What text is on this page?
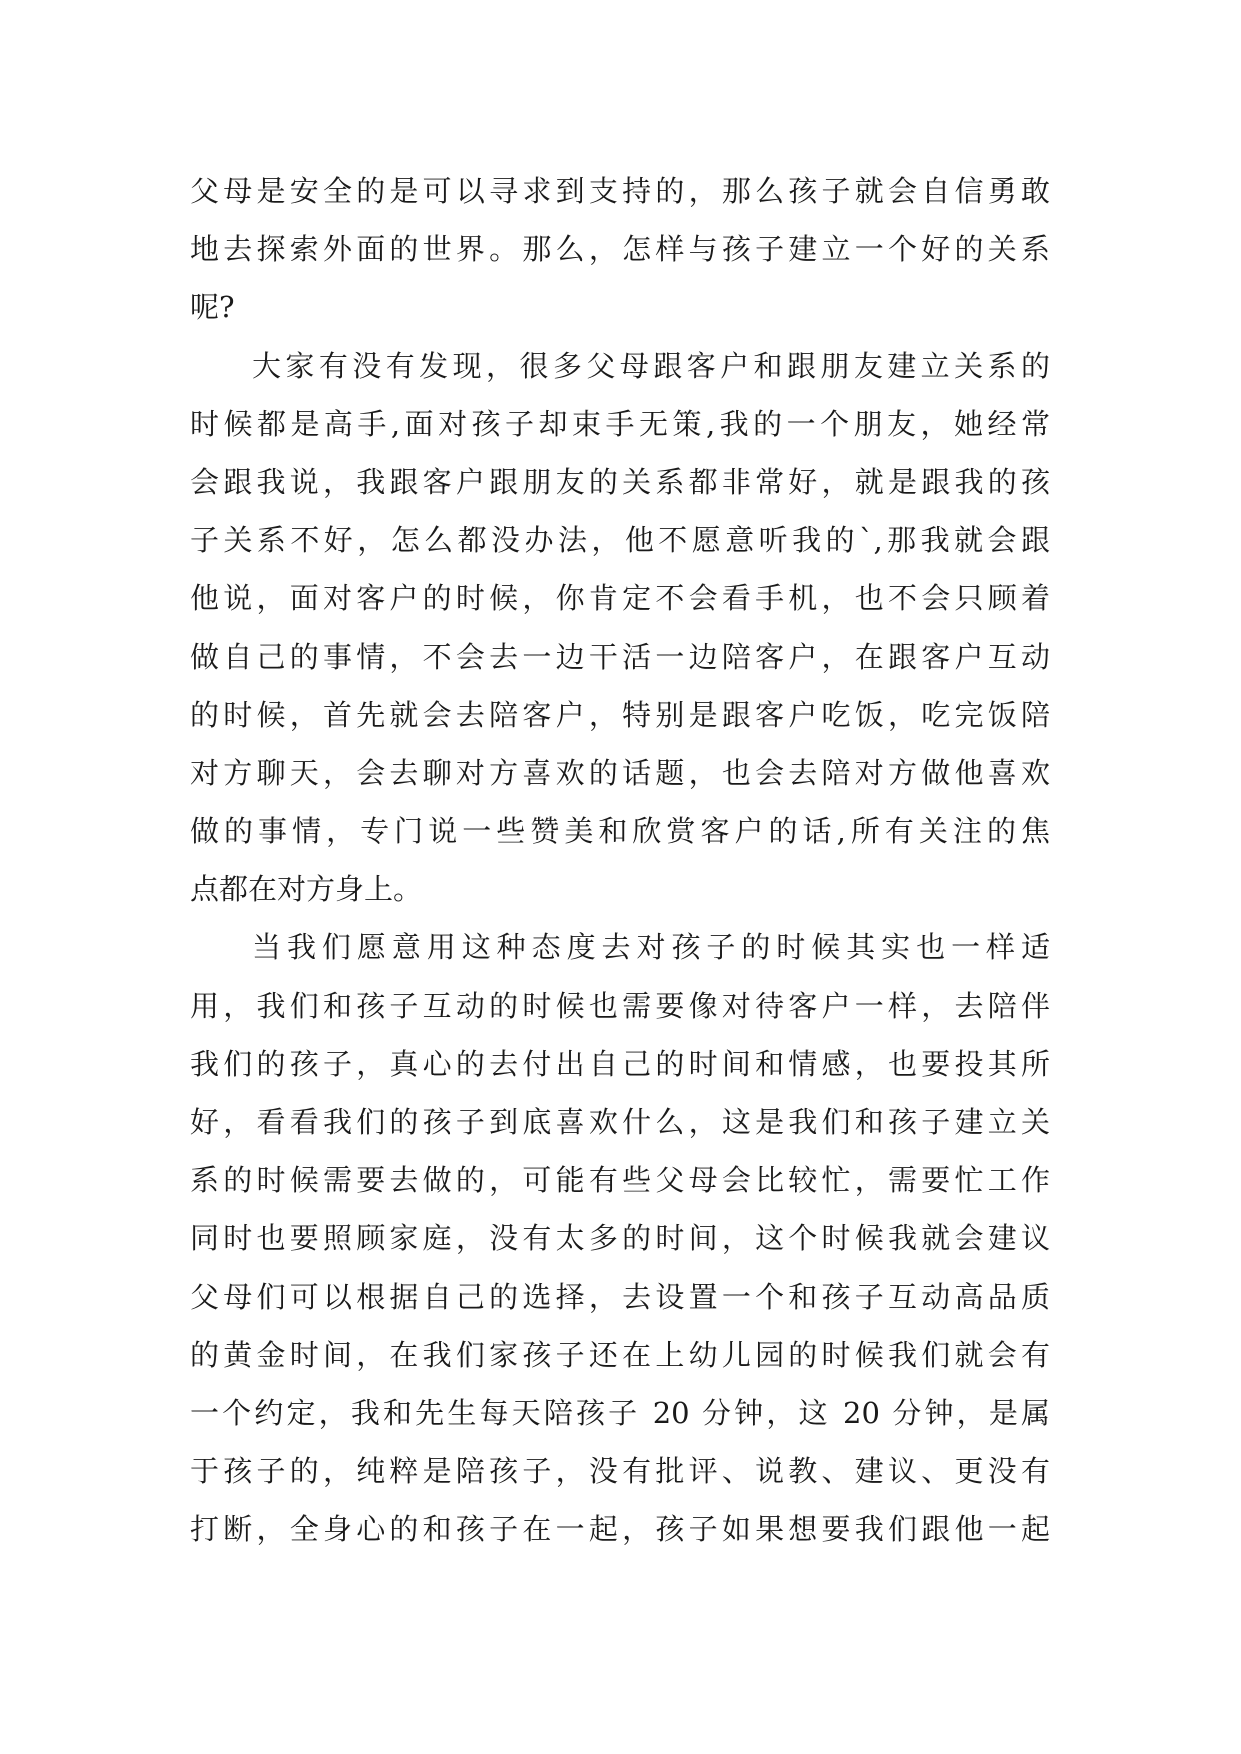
父母是安全的是可以寻求到支持的，那么孩子就会自信勇敢
地去探索外面的世界。那么，怎样与孩子建立一个好的关系
呢?
大家有没有发现，很多父母跟客户和跟朋友建立关系的
时候都是高手,面对孩子却束手无策,我的一个朋友，她经常
会跟我说，我跟客户跟朋友的关系都非常好，就是跟我的孩
子关系不好，怎么都没办法，他不愿意听我的`,那我就会跟
他说，面对客户的时候，你肯定不会看手机，也不会只顾着
做自己的事情，不会去一边干活一边陪客户，在跟客户互动
的时候，首先就会去陪客户，特别是跟客户吃饭，吃完饭陪
对方聊天，会去聊对方喜欢的话题，也会去陪对方做他喜欢
做的事情，专门说一些赞美和欣赏客户的话,所有关注的焦
点都在对方身上。
当我们愿意用这种态度去对孩子的时候其实也一样适
用，我们和孩子互动的时候也需要像对待客户一样，去陪伴
我们的孩子，真心的去付出自己的时间和情感，也要投其所
好，看看我们的孩子到底喜欢什么，这是我们和孩子建立关
系的时候需要去做的，可能有些父母会比较忙，需要忙工作
同时也要照顾家庭，没有太多的时间，这个时候我就会建议
父母们可以根据自己的选择，去设置一个和孩子互动高品质
的黄金时间，在我们家孩子还在上幼儿园的时候我们就会有
一个约定，我和先生每天陪孩子 20 分钟，这 20 分钟，是属
于孩子的，纯粹是陪孩子，没有批评、说教、建议、更没有
打断，全身心的和孩子在一起，孩子如果想要我们跟他一起
